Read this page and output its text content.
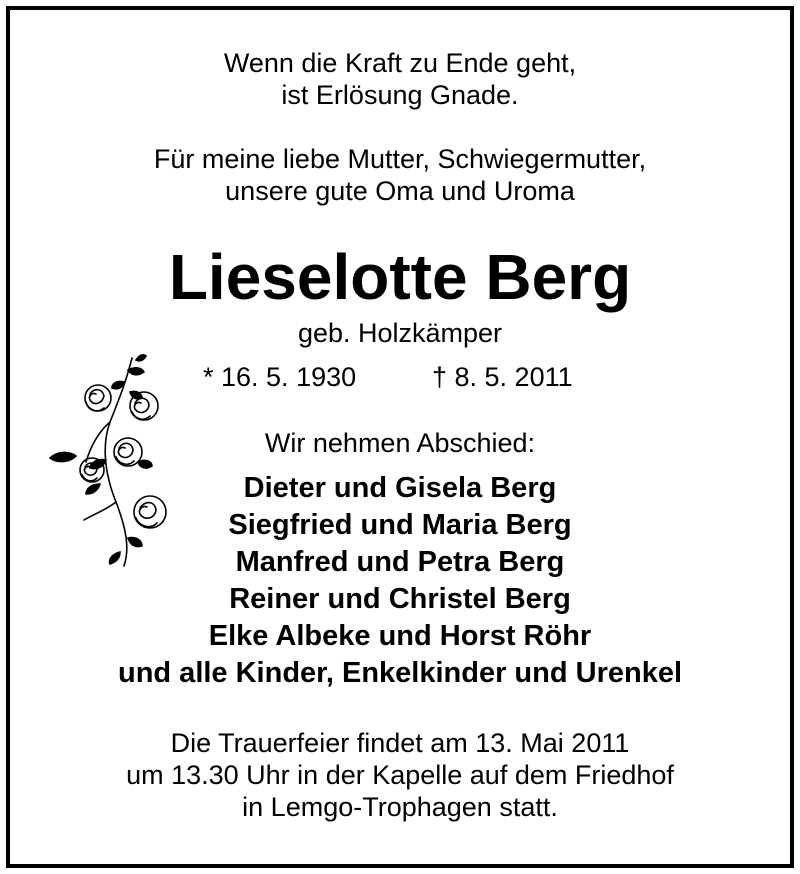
Wenn die Kraft zu Ende geht,

ist Erlösung Gnade.

Für meine liebe Mutter, Schwiegermutter,

unsere gute Oma und Uroma

Lieselotte Berg

geb. Holzkämper

* 16. 5. 1930	† 8. 5. 2011

Wir nehmen Abschied:

Dieter und Gisela Berg

Siegfried und Maria Berg

Manfred und Petra Berg

Reiner und Christel Berg

Elke Albeke und Horst Röhr

und alle Kinder, Enkelkinder und Urenkel

Die Trauerfeier findet am 13. Mai 2011

um 13.30 Uhr in der Kapelle auf dem Friedhof

in Lemgo-Trophagen statt.
